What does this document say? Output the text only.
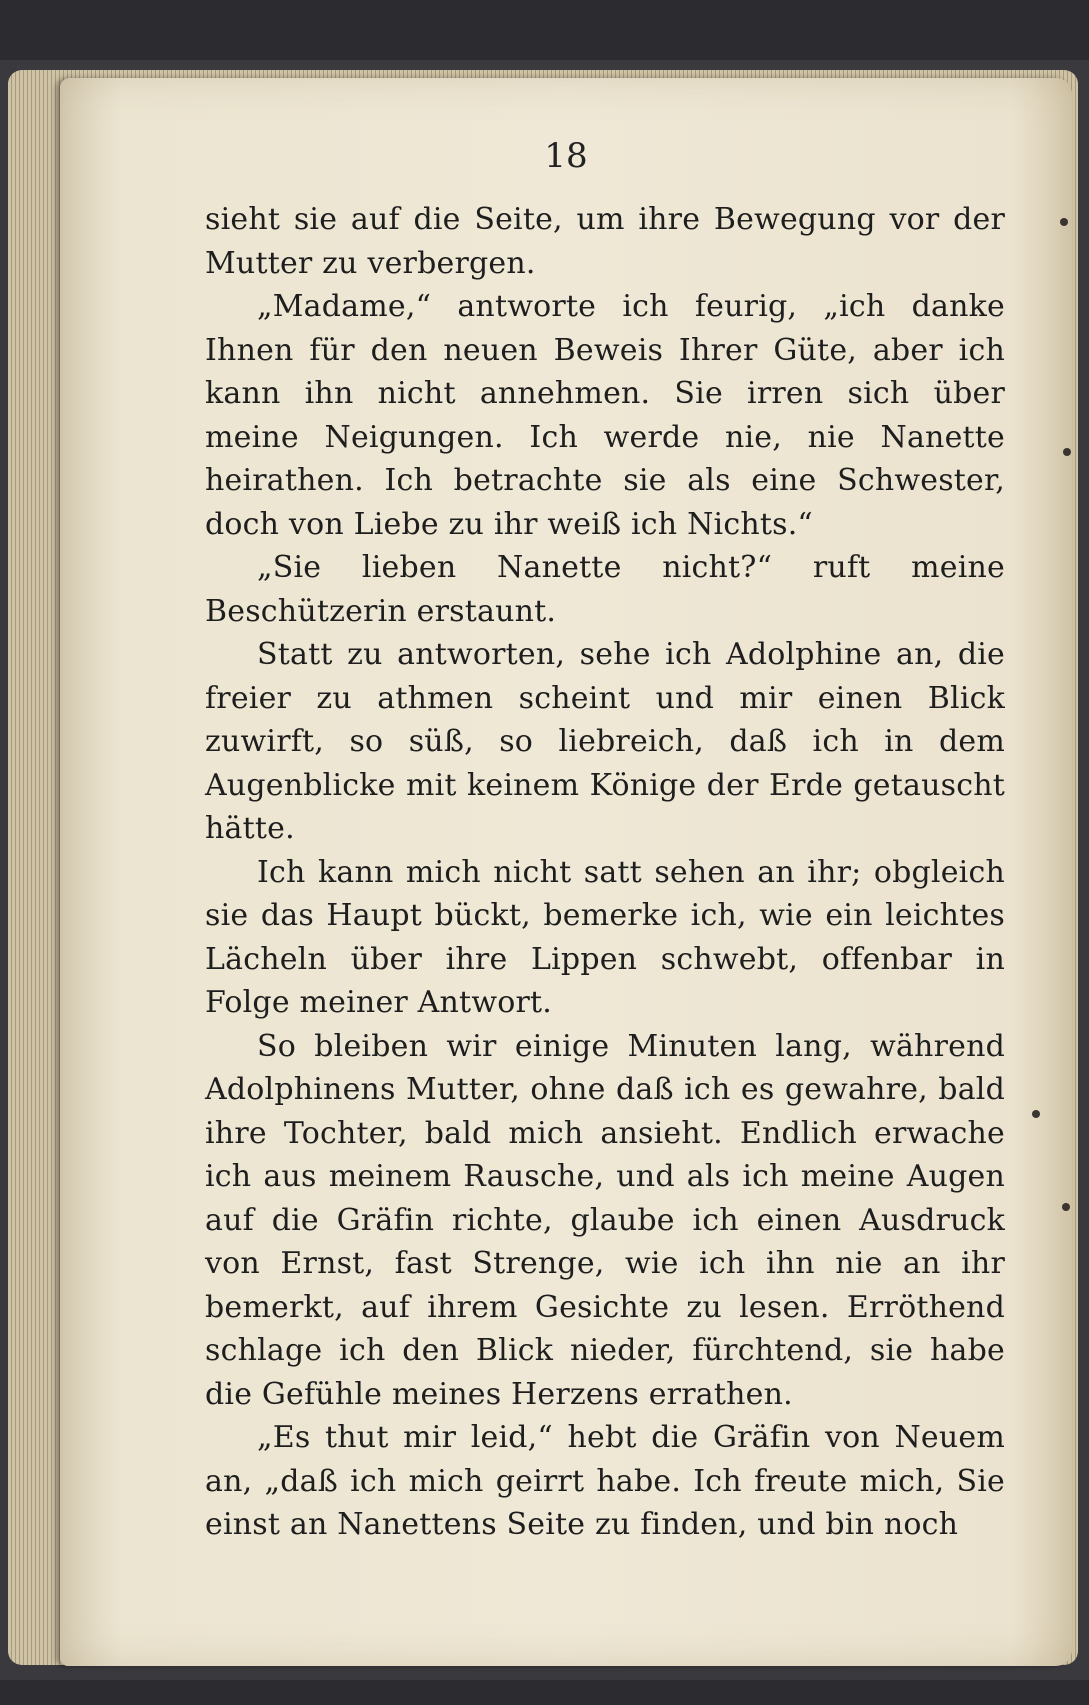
18

sieht sie auf die Seite, um ihre Bewegung vor der Mutter zu verbergen.

„Madame,“ antworte ich feurig, „ich danke Ihnen für den neuen Beweis Ihrer Güte, aber ich kann ihn nicht annehmen. Sie irren sich über meine Neigungen. Ich werde nie, nie Nanette heirathen. Ich betrachte sie als eine Schwester, doch von Liebe zu ihr weiß ich Nichts.“

„Sie lieben Nanette nicht?“ ruft meine Beschützerin erstaunt.

Statt zu antworten, sehe ich Adolphine an, die freier zu athmen scheint und mir einen Blick zuwirft, so süß, so liebreich, daß ich in dem Augenblicke mit keinem Könige der Erde getauscht hätte.

Ich kann mich nicht satt sehen an ihr; obgleich sie das Haupt bückt, bemerke ich, wie ein leichtes Lächeln über ihre Lippen schwebt, offenbar in Folge meiner Antwort.

So bleiben wir einige Minuten lang, während Adolphinens Mutter, ohne daß ich es gewahre, bald ihre Tochter, bald mich ansieht. Endlich erwache ich aus meinem Rausche, und als ich meine Augen auf die Gräfin richte, glaube ich einen Ausdruck von Ernst, fast Strenge, wie ich ihn nie an ihr bemerkt, auf ihrem Gesichte zu lesen. Erröthend schlage ich den Blick nieder, fürchtend, sie habe die Gefühle meines Herzens errathen.

„Es thut mir leid,“ hebt die Gräfin von Neuem an, „daß ich mich geirrt habe. Ich freute mich, Sie einst an Nanettens Seite zu finden, und bin noch
